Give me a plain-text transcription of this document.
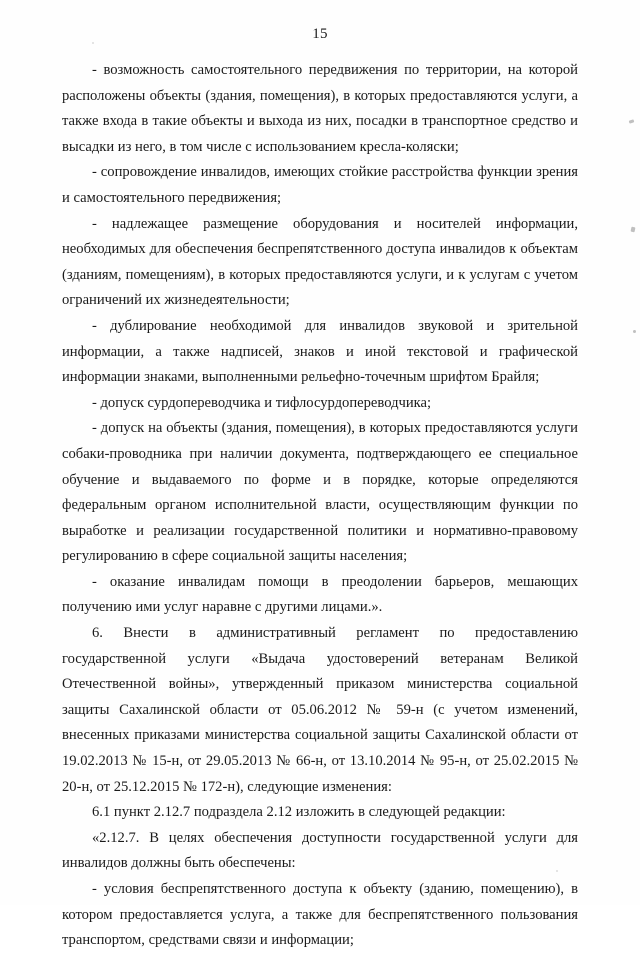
15

- возможность самостоятельного передвижения по территории, на которой расположены объекты (здания, помещения), в которых предоставляются услуги, а также входа в такие объекты и выхода из них, посадки в транспортное средство и высадки из него, в том числе с использованием кресла-коляски;

- сопровождение инвалидов, имеющих стойкие расстройства функции зрения и самостоятельного передвижения;

- надлежащее размещение оборудования и носителей информации, необходимых для обеспечения беспрепятственного доступа инвалидов к объектам (зданиям, помещениям), в которых предоставляются услуги, и к услугам с учетом ограничений их жизнедеятельности;

- дублирование необходимой для инвалидов звуковой и зрительной информации, а также надписей, знаков и иной текстовой и графической информации знаками, выполненными рельефно-точечным шрифтом Брайля;

- допуск сурдопереводчика и тифлосурдопереводчика;

- допуск на объекты (здания, помещения), в которых предоставляются услуги собаки-проводника при наличии документа, подтверждающего ее специальное обучение и выдаваемого по форме и в порядке, которые определяются федеральным органом исполнительной власти, осуществляющим функции по выработке и реализации государственной политики и нормативно-правовому регулированию в сфере социальной защиты населения;

- оказание инвалидам помощи в преодолении барьеров, мешающих получению ими услуг наравне с другими лицами.».

6. Внести в административный регламент по предоставлению государственной услуги «Выдача удостоверений ветеранам Великой Отечественной войны», утвержденный приказом министерства социальной защиты Сахалинской области от 05.06.2012 № 59-н (с учетом изменений, внесенных приказами министерства социальной защиты Сахалинской области от 19.02.2013 № 15-н, от 29.05.2013 № 66-н, от 13.10.2014 № 95-н, от 25.02.2015 № 20-н, от 25.12.2015 № 172-н), следующие изменения:

6.1 пункт 2.12.7 подраздела 2.12 изложить в следующей редакции:

«2.12.7. В целях обеспечения доступности государственной услуги для инвалидов должны быть обеспечены:

- условия беспрепятственного доступа к объекту (зданию, помещению), в котором предоставляется услуга, а также для беспрепятственного пользования транспортом, средствами связи и информации;
